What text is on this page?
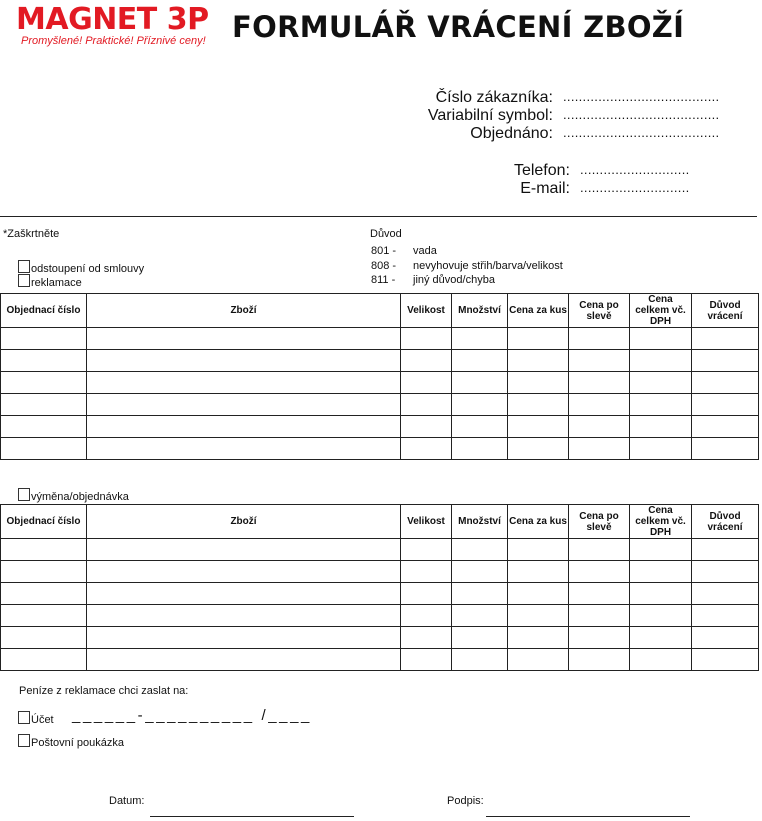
MAGNET 3P
Promyšlené! Praktické! Příznivé ceny! FORMULÁŘ VRÁCENÍ ZBOŽÍ
Číslo zákazníka: ........................................
Variabilní symbol: ........................................
Objednáno: ........................................
Telefon: ............................
E-mail: ............................
*Zaškrtněte
odstoupení od smlouvy
reklamace
Důvod
801 - vada
808 - nevyhovuje střih/barva/velikost
811 - jiný důvod/chyba
Objednací číslo	Zboží	Velikost	Množství	Cena za kus	Cena po slevě	Cena celkem vč. DPH	Důvod vrácení

výměna/objednávka
Objednací číslo	Zboží	Velikost	Množství	Cena za kus	Cena po slevě	Cena celkem vč. DPH	Důvod vrácení

Peníze z reklamace chci zaslat na:
Účet ______-__________ /____
Poštovní poukázka
Datum:	Podpis:
